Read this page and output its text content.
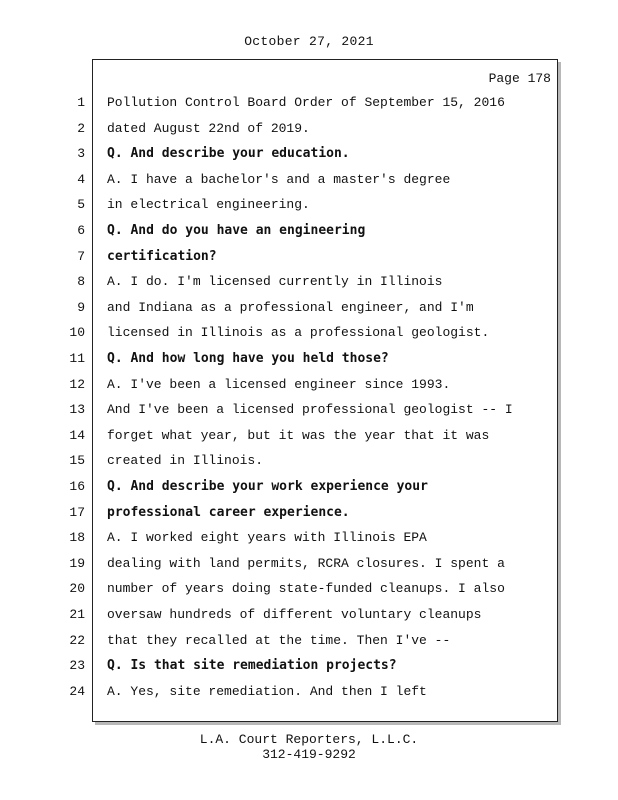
October 27, 2021
Page 178
1 Pollution Control Board Order of September 15, 2016
2 dated August 22nd of 2019.
3 Q. And describe your education.
4 A. I have a bachelor's and a master's degree
5 in electrical engineering.
6 Q. And do you have an engineering
7 certification?
8 A. I do. I'm licensed currently in Illinois
9 and Indiana as a professional engineer, and I'm
10 licensed in Illinois as a professional geologist.
11 Q. And how long have you held those?
12 A. I've been a licensed engineer since 1993.
13 And I've been a licensed professional geologist -- I
14 forget what year, but it was the year that it was
15 created in Illinois.
16 Q. And describe your work experience your
17 professional career experience.
18 A. I worked eight years with Illinois EPA
19 dealing with land permits, RCRA closures. I spent a
20 number of years doing state-funded cleanups. I also
21 oversaw hundreds of different voluntary cleanups
22 that they recalled at the time. Then I've --
23 Q. Is that site remediation projects?
24 A. Yes, site remediation. And then I left
L.A. Court Reporters, L.L.C.
312-419-9292
